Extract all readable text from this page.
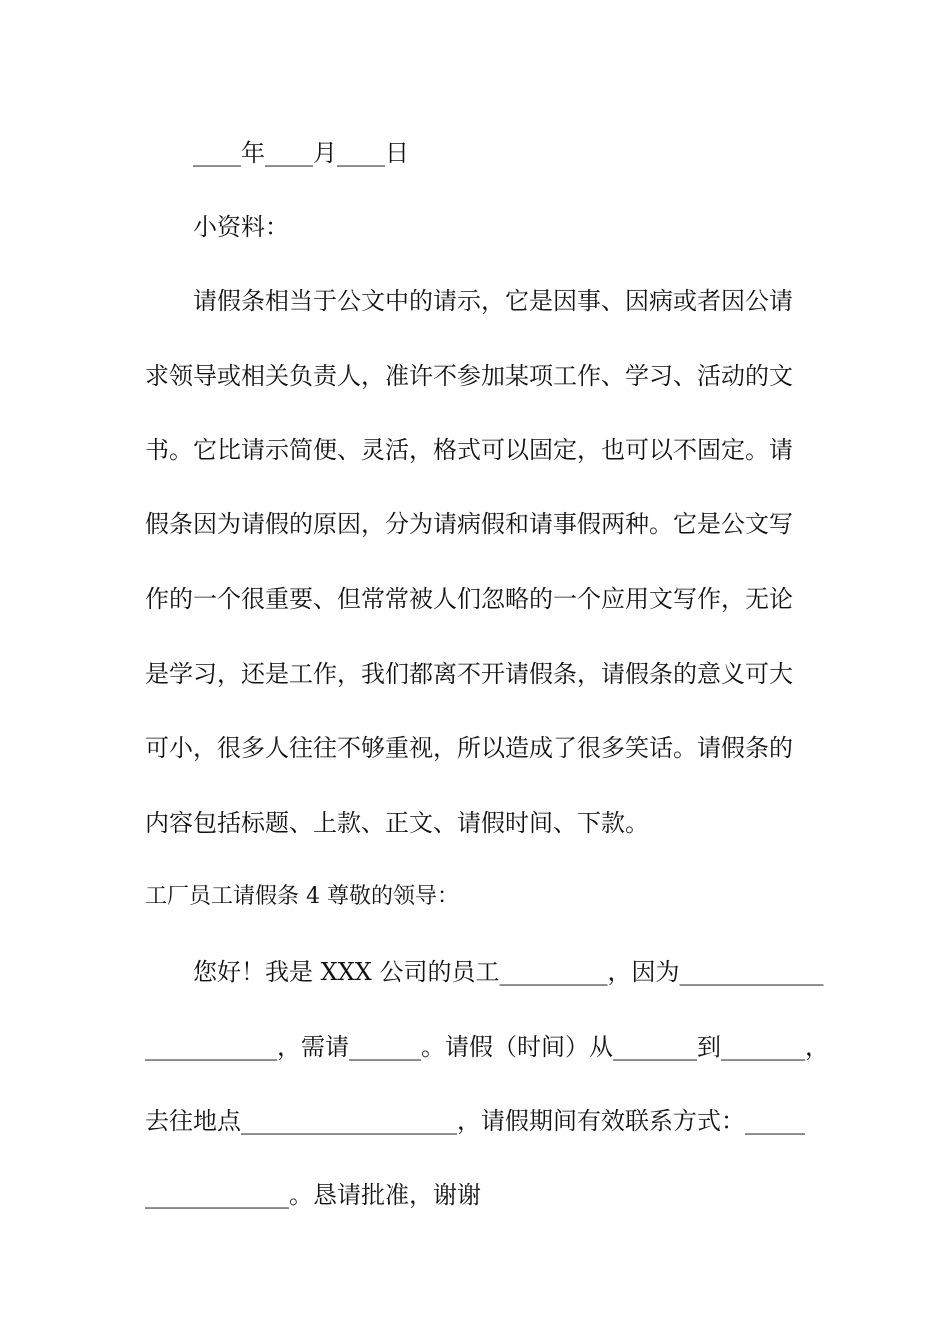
____年____月____日
小资料：
请假条相当于公文中的请示，它是因事、因病或者因公请
求领导或相关负责人，准许不参加某项工作、学习、活动的文
书。它比请示简便、灵活，格式可以固定，也可以不固定。请
假条因为请假的原因，分为请病假和请事假两种。它是公文写
作的一个很重要、但常常被人们忽略的一个应用文写作，无论
是学习，还是工作，我们都离不开请假条，请假条的意义可大
可小，很多人往往不够重视，所以造成了很多笑话。请假条的
内容包括标题、上款、正文、请假时间、下款。
工厂员工请假条 4 尊敬的领导：
您好！我是 XXX 公司的员工_________，因为____________
___________，需请______。请假（时间）从_______到_______，
去往地点__________________，请假期间有效联系方式：_____
____________。恳请批准，谢谢
